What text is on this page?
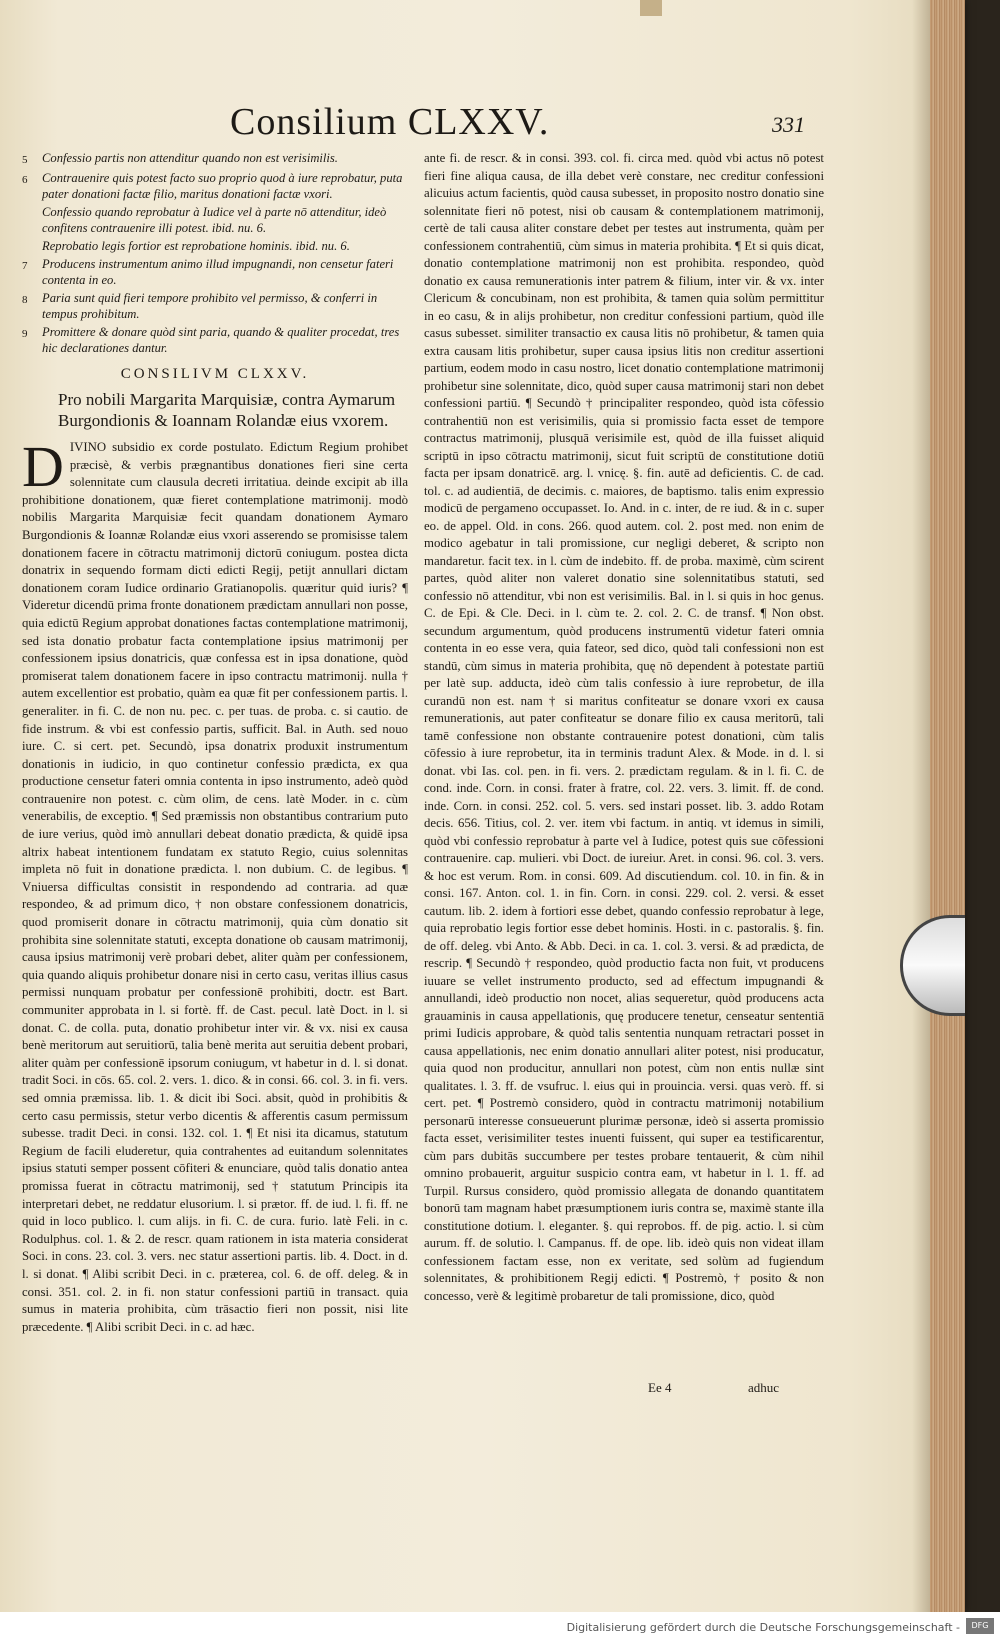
Consilium CLXXV.	331
5	Confessio partis non attenditur quando non est verisimilis.
6	Contrauenire quis potest facto suo proprio quod à iure reprobatur, puta pater donationi factæ filio, maritus donationi factæ vxori.
Confessio quando reprobatur à Iudice vel à parte nō attenditur, ideò confitens contrauenire illi potest. ibid. nu. 6.
Reprobatio legis fortior est reprobatione hominis. ibid. nu. 6.
7	Producens instrumentum animo illud impugnandi, non censetur fateri contenta in eo.
8	Paria sunt quid fieri tempore prohibito vel permisso, & conferri in tempus prohibitum.
9	Promittere & donare quòd sint paria, quando & qualiter procedat, tres hic declarationes dantur.
CONSILIVM CLXXV.
Pro nobili Margarita Marquisiæ, contra Aymarum Burgondionis & Ioannam Rolandæ eius vxorem.
D IVINO subsidio ex corde postulato. Edictum Regium prohibet præcisè, & verbis prægnantibus donationes fieri sine certa solennitate cum clausula decreti irritatiua. deinde excipit ab illa prohibitione donationem, quæ fieret contemplatione matrimonij. modò nobilis Margarita Marquisiæ fecit quandam donationem Aymaro Burgondionis & Ioannæ Rolandæ eius vxori asserendo se promisisse talem donationem facere in cōtractu matrimonij dictorū coniugum. postea dicta donatrix in sequendo formam dicti edicti Regij, petijt annullari dictam donationem coram Iudice ordinario Gratianopolis. quæritur quid iuris? ¶ Videretur dicendū prima fronte donationem prædictam annullari non posse, quia edictū Regium approbat donationes factas contemplatione matrimonij, sed ista donatio probatur facta contemplatione ipsius matrimonij per confessionem ipsius donatricis, quæ confessa est in ipsa donatione, quòd promiserat talem donationem facere in ipso contractu matrimonij. nulla † autem excellentior est probatio, quàm ea quæ fit per confessionem partis. l. generaliter. in fi. C. de non nu. pec. c. per tuas. de proba. c. si cautio. de fide instrum. & vbi est confessio partis, sufficit. Bal. in Auth. sed nouo iure. C. si cert. pet. Secundò, ipsa donatrix produxit instrumentum donationis in iudicio, in quo continetur confessio prædicta, ex qua productione censetur fateri omnia contenta in ipso instrumento, adeò quòd contrauenire non potest. c. cùm olim, de cens. latè Moder. in c. cùm venerabilis, de exceptio. ¶ Sed præmissis non obstantibus contrarium puto de iure verius, quòd imò annullari debeat donatio prædicta, & quidē ipsa altrix habeat intentionem fundatam ex statuto Regio, cuius solennitas impleta nō fuit in donatione prædicta. l. non dubium. C. de legibus. ¶ Vniuersa difficultas consistit in respondendo ad contraria. ad quæ respondeo, & ad primum dico, † non obstare confessionem donatricis, quod promiserit donare in cōtractu matrimonij, quia cùm donatio sit prohibita sine solennitate statuti, excepta donatione ob causam matrimonij, causa ipsius matrimonij verè probari debet, aliter quàm per confessionem, quia quando aliquis prohibetur donare nisi in certo casu, veritas illius casus permissi nunquam probatur per confessionē prohibiti, doctr. est Bart. communiter approbata in l. si fortè. ff. de Cast. pecul. latè Doct. in l. si donat. C. de colla. puta, donatio prohibetur inter vir. & vx. nisi ex causa benè meritorum aut seruitiorū, talia benè merita aut seruitia debent probari, aliter quàm per confessionē ipsorum coniugum, vt habetur in d. l. si donat. tradit Soci. in cōs. 65. col. 2. vers. 1. dico. & in consi. 66. col. 3. in fi. vers. sed omnia præmissa. lib. 1. & dicit ibi Soci. absit, quòd in prohibitis & certo casu permissis, stetur verbo dicentis & afferentis casum permissum subesse. tradit Deci. in consi. 132. col. 1. ¶ Et nisi ita dicamus, statutum Regium de facili eluderetur, quia contrahentes ad euitandum solennitates ipsius statuti semper possent cōfiteri & enunciare, quòd talis donatio antea promissa fuerat in cōtractu matrimonij, sed † statutum Principis ita interpretari debet, ne reddatur elusorium. l. si prætor. ff. de iud. l. fi. ff. ne quid in loco publico. l. cum alijs. in fi. C. de cura. furio. latè Feli. in c. Rodulphus. col. 1. & 2. de rescr. quam rationem in ista materia considerat Soci. in cons. 23. col. 3. vers. nec statur assertioni partis. lib. 4. Doct. in d. l. si donat. ¶ Alibi scribit Deci. in c. præterea, col. 6. de off. deleg. & in consi. 351. col. 2. in fi. non statur confessioni partiū in transact. quia sumus in materia prohibita, cùm trāsactio fieri non possit, nisi lite præcedente. ¶ Alibi scribit Deci. in c. ad hæc.
ante fi. de rescr. & in consi. 393. col. fi. circa med. quòd vbi actus nō potest fieri fine aliqua causa, de illa debet verè constare, nec creditur confessioni alicuius actum facientis, quòd causa subesset, in proposito nostro donatio sine solennitate fieri nō potest, nisi ob causam & contemplationem matrimonij, certè de tali causa aliter constare debet per testes aut instrumenta, quàm per confessionem contrahentiū, cùm simus in materia prohibita. ¶ Et si quis dicat, donatio contemplatione matrimonij non est prohibita. respondeo, quòd donatio ex causa remunerationis inter patrem & filium, inter vir. & vx. inter Clericum & concubinam, non est prohibita, & tamen quia solùm permittitur in eo casu, & in alijs prohibetur, non creditur confessioni partium, quòd ille casus subesset. similiter transactio ex causa litis nō prohibetur, & tamen quia extra causam litis prohibetur, super causa ipsius litis non creditur assertioni partium, eodem modo in casu nostro, licet donatio contemplatione matrimonij prohibetur sine solennitate, dico, quòd super causa matrimonij stari non debet confessioni partiū. ¶ Secundò † principaliter respondeo, quòd ista cōfessio contrahentiū non est verisimilis, quia si promissio facta esset de tempore contractus matrimonij, plusquā verisimile est, quòd de illa fuisset aliquid scriptū in ipso cōtractu matrimonij, sicut fuit scriptū de constitutione dotiū facta per ipsam donatricē. arg. l. vnicę. §. fin. autē ad deficientis. C. de cad. tol. c. ad audientiā, de decimis. c. maiores, de baptismo. talis enim expressio modicū de pergameno occupasset. Io. And. in c. inter, de re iud. & in c. super eo. de appel. Old. in cons. 266. quod autem. col. 2. post med. non enim de modico agebatur in tali promissione, cur negligi deberet, & scripto non mandaretur. facit tex. in l. cùm de indebito. ff. de proba. maximè, cùm scirent partes, quòd aliter non valeret donatio sine solennitatibus statuti, sed confessio nō attenditur, vbi non est verisimilis. Bal. in l. si quis in hoc genus. C. de Epi. & Cle. Deci. in l. cùm te. 2. col. 2. C. de transf. ¶ Non obst. secundum argumentum, quòd producens instrumentū videtur fateri omnia contenta in eo esse vera, quia fateor, sed dico, quòd tali confessioni non est standū, cùm simus in materia prohibita, quę nō dependent à potestate partiū per latè sup. adducta, ideò cùm talis confessio à iure reprobetur, de illa curandū non est. nam † si maritus confiteatur se donare vxori ex causa remunerationis, aut pater confiteatur se donare filio ex causa meritorū, tali tamē confessione non obstante contrauenire potest donationi, cùm talis cōfessio à iure reprobetur, ita in terminis tradunt Alex. & Mode. in d. l. si donat. vbi Ias. col. pen. in fi. vers. 2. prædictam regulam. & in l. fi. C. de cond. inde. Corn. in consi. frater à fratre, col. 22. vers. 3. limit. ff. de cond. inde. Corn. in consi. 252. col. 5. vers. sed instari posset. lib. 3. addo Rotam decis. 656. Titius, col. 2. ver. item vbi factum. in antiq. vt idemus in simili, quòd vbi confessio reprobatur à parte vel à Iudice, potest quis sue cōfessioni contrauenire. cap. mulieri. vbi Doct. de iureiur. Aret. in consi. 96. col. 3. vers. & hoc est verum. Rom. in consi. 609. Ad discutiendum. col. 10. in fin. & in consi. 167. Anton. col. 1. in fin. Corn. in consi. 229. col. 2. versi. & esset cautum. lib. 2. idem à fortiori esse debet, quando confessio reprobatur à lege, quia reprobatio legis fortior esse debet hominis. Hosti. in c. pastoralis. §. fin. de off. deleg. vbi Anto. & Abb. Deci. in ca. 1. col. 3. versi. & ad prædicta, de rescrip. ¶ Secundò † respondeo, quòd productio facta non fuit, vt producens iuuare se vellet instrumento producto, sed ad effectum impugnandi & annullandi, ideò productio non nocet, alias sequeretur, quòd producens acta grauaminis in causa appellationis, quę producere tenetur, censeatur sententiā primi Iudicis approbare, & quòd talis sententia nunquam retractari posset in causa appellationis, nec enim donatio annullari aliter potest, nisi producatur, quia quod non producitur, annullari non potest, cùm non entis nullæ sint qualitates. l. 3. ff. de vsufruc. l. eius qui in prouincia. versi. quas verò. ff. si cert. pet. ¶ Postremò considero, quòd in contractu matrimonij notabilium personarū interesse consueuerunt plurimæ personæ, ideò si asserta promissio facta esset, verisimiliter testes inuenti fuissent, qui super ea testificarentur, cùm pars dubitās succumbere per testes probare tentauerit, & cùm nihil omnino probauerit, arguitur suspicio contra eam, vt habetur in l. 1. ff. ad Turpil. Rursus considero, quòd promissio allegata de donando quantitatem bonorū tam magnam habet præsumptionem iuris contra se, maximè stante illa constitutione dotium. l. eleganter. §. qui reprobos. ff. de pig. actio. l. si cùm aurum. ff. de solutio. l. Campanus. ff. de ope. lib. ideò quis non videat illam confessionem factam esse, non ex veritate, sed solùm ad fugiendum solennitates, & prohibitionem Regij edicti. ¶ Postremò, † posito & non concesso, verè & legitimè probaretur de tali promissione, dico, quòd
Ee 4	adhuc
Digitalisierung gefördert durch die Deutsche Forschungsgemeinschaft -	DFG
